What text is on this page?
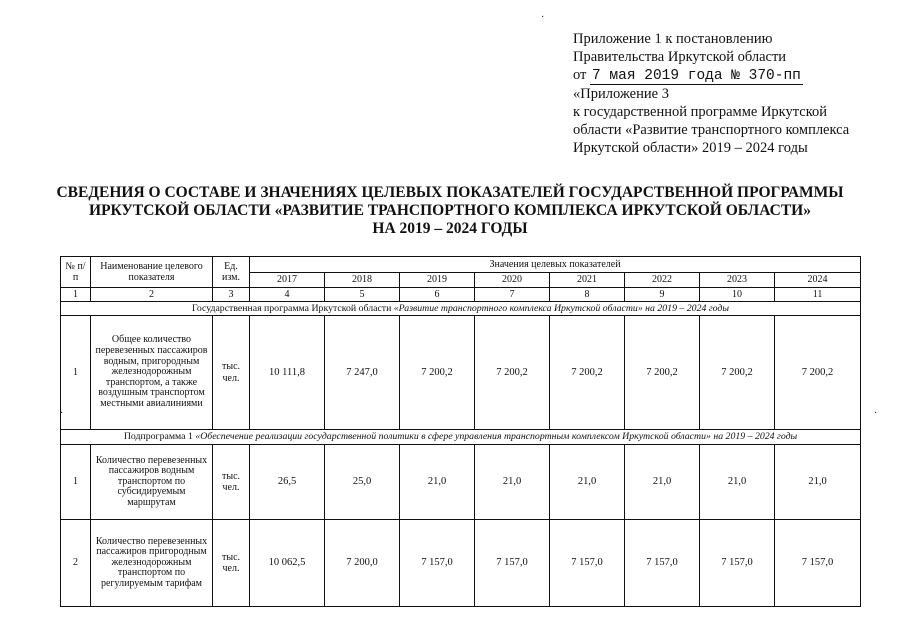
Приложение 1 к постановлению
Правительства Иркутской области
от 7 мая 2019 года № 370-пп
«Приложение 3
к государственной программе Иркутской
области «Развитие транспортного комплекса
Иркутской области» 2019 – 2024 годы
СВЕДЕНИЯ О СОСТАВЕ И ЗНАЧЕНИЯХ ЦЕЛЕВЫХ ПОКАЗАТЕЛЕЙ ГОСУДАРСТВЕННОЙ ПРОГРАММЫ
ИРКУТСКОЙ ОБЛАСТИ «РАЗВИТИЕ ТРАНСПОРТНОГО КОМПЛЕКСА ИРКУТСКОЙ ОБЛАСТИ»
НА 2019 – 2024 ГОДЫ
№ п/п	Наименование целевого показателя	Ед. изм.	Значения целевых показателей							
			2017	2018	2019	2020	2021	2022	2023	2024
1	2	3	4	5	6	7	8	9	10	11
Государственная программа Иркутской области «Развитие транспортного комплекса Иркутской области» на 2019 – 2024 годы										
1	Общее количество перевезенных пассажиров водным, пригородным железнодорожным транспортом, а также воздушным транспортом местными авиалиниями	тыс. чел.	10 111,8	7 247,0	7 200,2	7 200,2	7 200,2	7 200,2	7 200,2	7 200,2
Подпрограмма 1 «Обеспечение реализации государственной политики в сфере управления транспортным комплексом Иркутской области» на 2019 – 2024 годы										
1	Количество перевезенных пассажиров водным транспортом по субсидируемым маршрутам	тыс. чел.	26,5	25,0	21,0	21,0	21,0	21,0	21,0	21,0
2	Количество перевезенных пассажиров пригородным железнодорожным транспортом по регулируемым тарифам	тыс. чел.	10 062,5	7 200,0	7 157,0	7 157,0	7 157,0	7 157,0	7 157,0	7 157,0
·
·	·
